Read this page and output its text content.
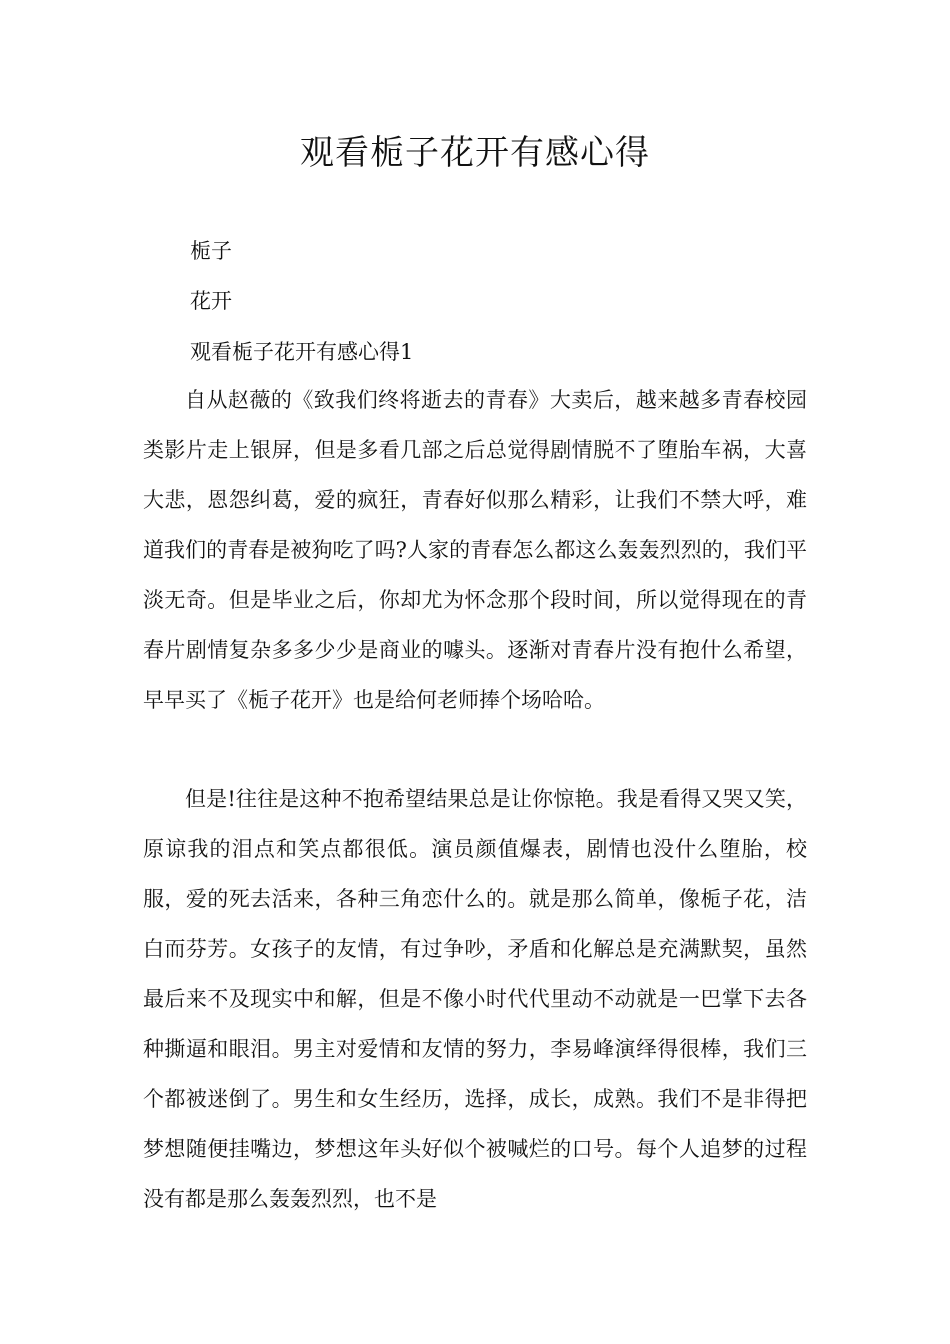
观看栀子花开有感心得

栀子

花开

观看栀子花开有感心得1

自从赵薇的《致我们终将逝去的青春》大卖后，越来越多青春校园类影片走上银屏，但是多看几部之后总觉得剧情脱不了堕胎车祸，大喜大悲，恩怨纠葛，爱的疯狂，青春好似那么精彩，让我们不禁大呼，难道我们的青春是被狗吃了吗?人家的青春怎么都这么轰轰烈烈的，我们平淡无奇。但是毕业之后，你却尤为怀念那个段时间，所以觉得现在的青春片剧情复杂多多少少是商业的噱头。逐渐对青春片没有抱什么希望，早早买了《栀子花开》也是给何老师捧个场哈哈。

但是!往往是这种不抱希望结果总是让你惊艳。我是看得又哭又笑，原谅我的泪点和笑点都很低。演员颜值爆表，剧情也没什么堕胎，校服，爱的死去活来，各种三角恋什么的。就是那么简单，像栀子花，洁白而芬芳。女孩子的友情，有过争吵，矛盾和化解总是充满默契，虽然最后来不及现实中和解，但是不像小时代代里动不动就是一巴掌下去各种撕逼和眼泪。男主对爱情和友情的努力，李易峰演绎得很棒，我们三个都被迷倒了。男生和女生经历，选择，成长，成熟。我们不是非得把梦想随便挂嘴边，梦想这年头好似个被喊烂的口号。每个人追梦的过程没有都是那么轰轰烈烈，也不是
